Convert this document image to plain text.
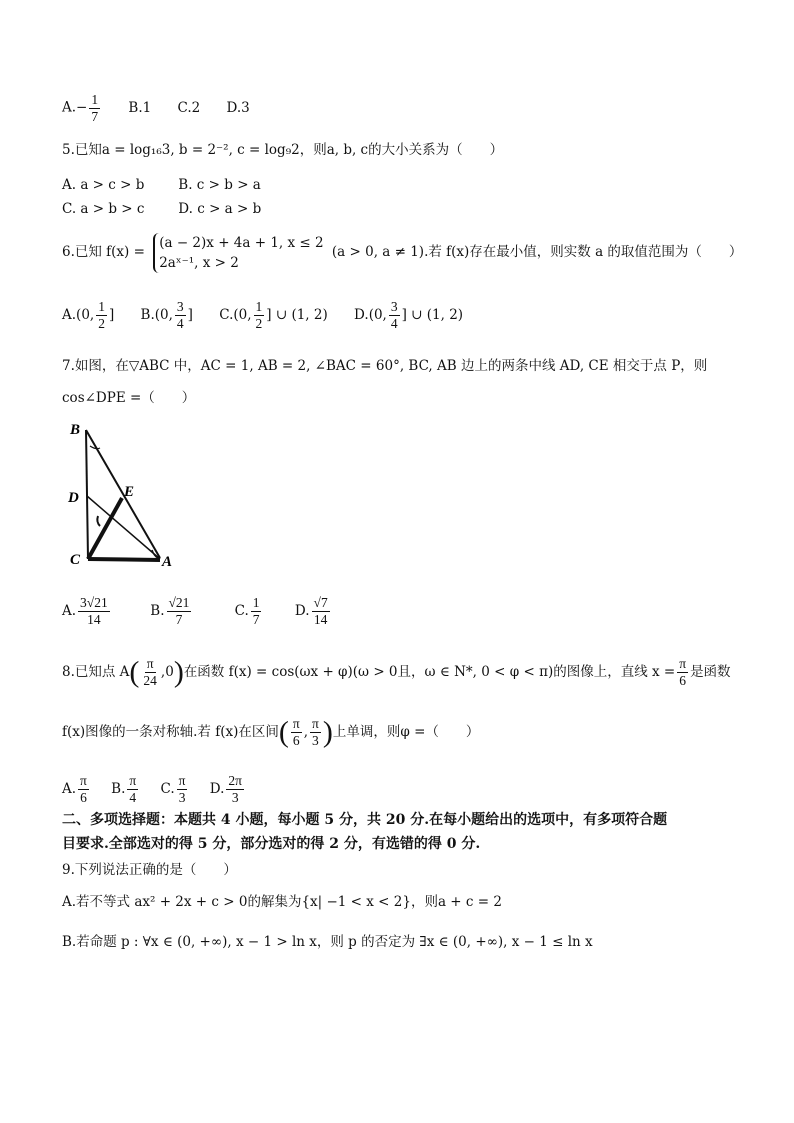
$A.- \frac{1}{7} B.1$ C.2 D.3
5.已知a = log₁₆3, b = 2⁻², c = log₉2，则a, b, c的大小关系为（　　）
A. a > c > b	B. c > b > a
C. a > b > c	D. c > a > b
6.已知 f(x) =
(a − 2)x + 4a + 1, x ≤ 2
2aˣ⁻¹, x > 2
(a > 0, a ≠ 1).若 f(x)存在最小值，则实数 a 的取值范围为（　　）
A.(0, $\frac{1}{2}$ ] B.(0, $\frac{3}{4}$ ] C.(0, $\frac{1}{2}$ ] ∪ (1, 2) D.(0, $\frac{3}{4}$ ] ∪ (1, 2)
7.如图，在▽ABC 中，AC = 1, AB = 2, ∠BAC = 60°, BC, AB 边上的两条中线 AD, CE 相交于点 P，则
cos∠DPE =（　　）
B
D	E
C	A
A. $\frac{3√21}{14}$	B. $\frac{√21}{7}$	C. $\frac{1}{7} D$. $\frac{√7}{14}$
8.已知点 $A( \frac{\pi}{24} ,0)$在函数 f(x) = cos(ωx + φ)(ω > 0且，ω ∈ N*, 0 < φ < π)的图像上，直线 $x = \frac{\pi}{6}$ 是函数
f(x)图像的一条对称轴.若 f(x)在区间( $\frac{\pi}{6}$ , $\frac{\pi}{3}$ )上单调，则φ =（　　）
A. $\frac{\pi}{6} B$. $\frac{\pi}{4} C$. $\frac{\pi}{3} D$. $\frac{2\pi}{3}$
二、多项选择题：本题共 4 小题，每小题 5 分，共 20 分.在每小题给出的选项中，有多项符合题
目要求.全部选对的得 5 分，部分选对的得 2 分，有选错的得 0 分.
9.下列说法正确的是（　　）
A.若不等式 ax² + 2x + c > 0的解集为{x| −1 < x < 2}，则a + c = 2
B.若命题 p : ∀x ∈ (0, +∞), x − 1 > ln x，则 p 的否定为 ∃x ∈ (0, +∞), x − 1 ≤ ln x
